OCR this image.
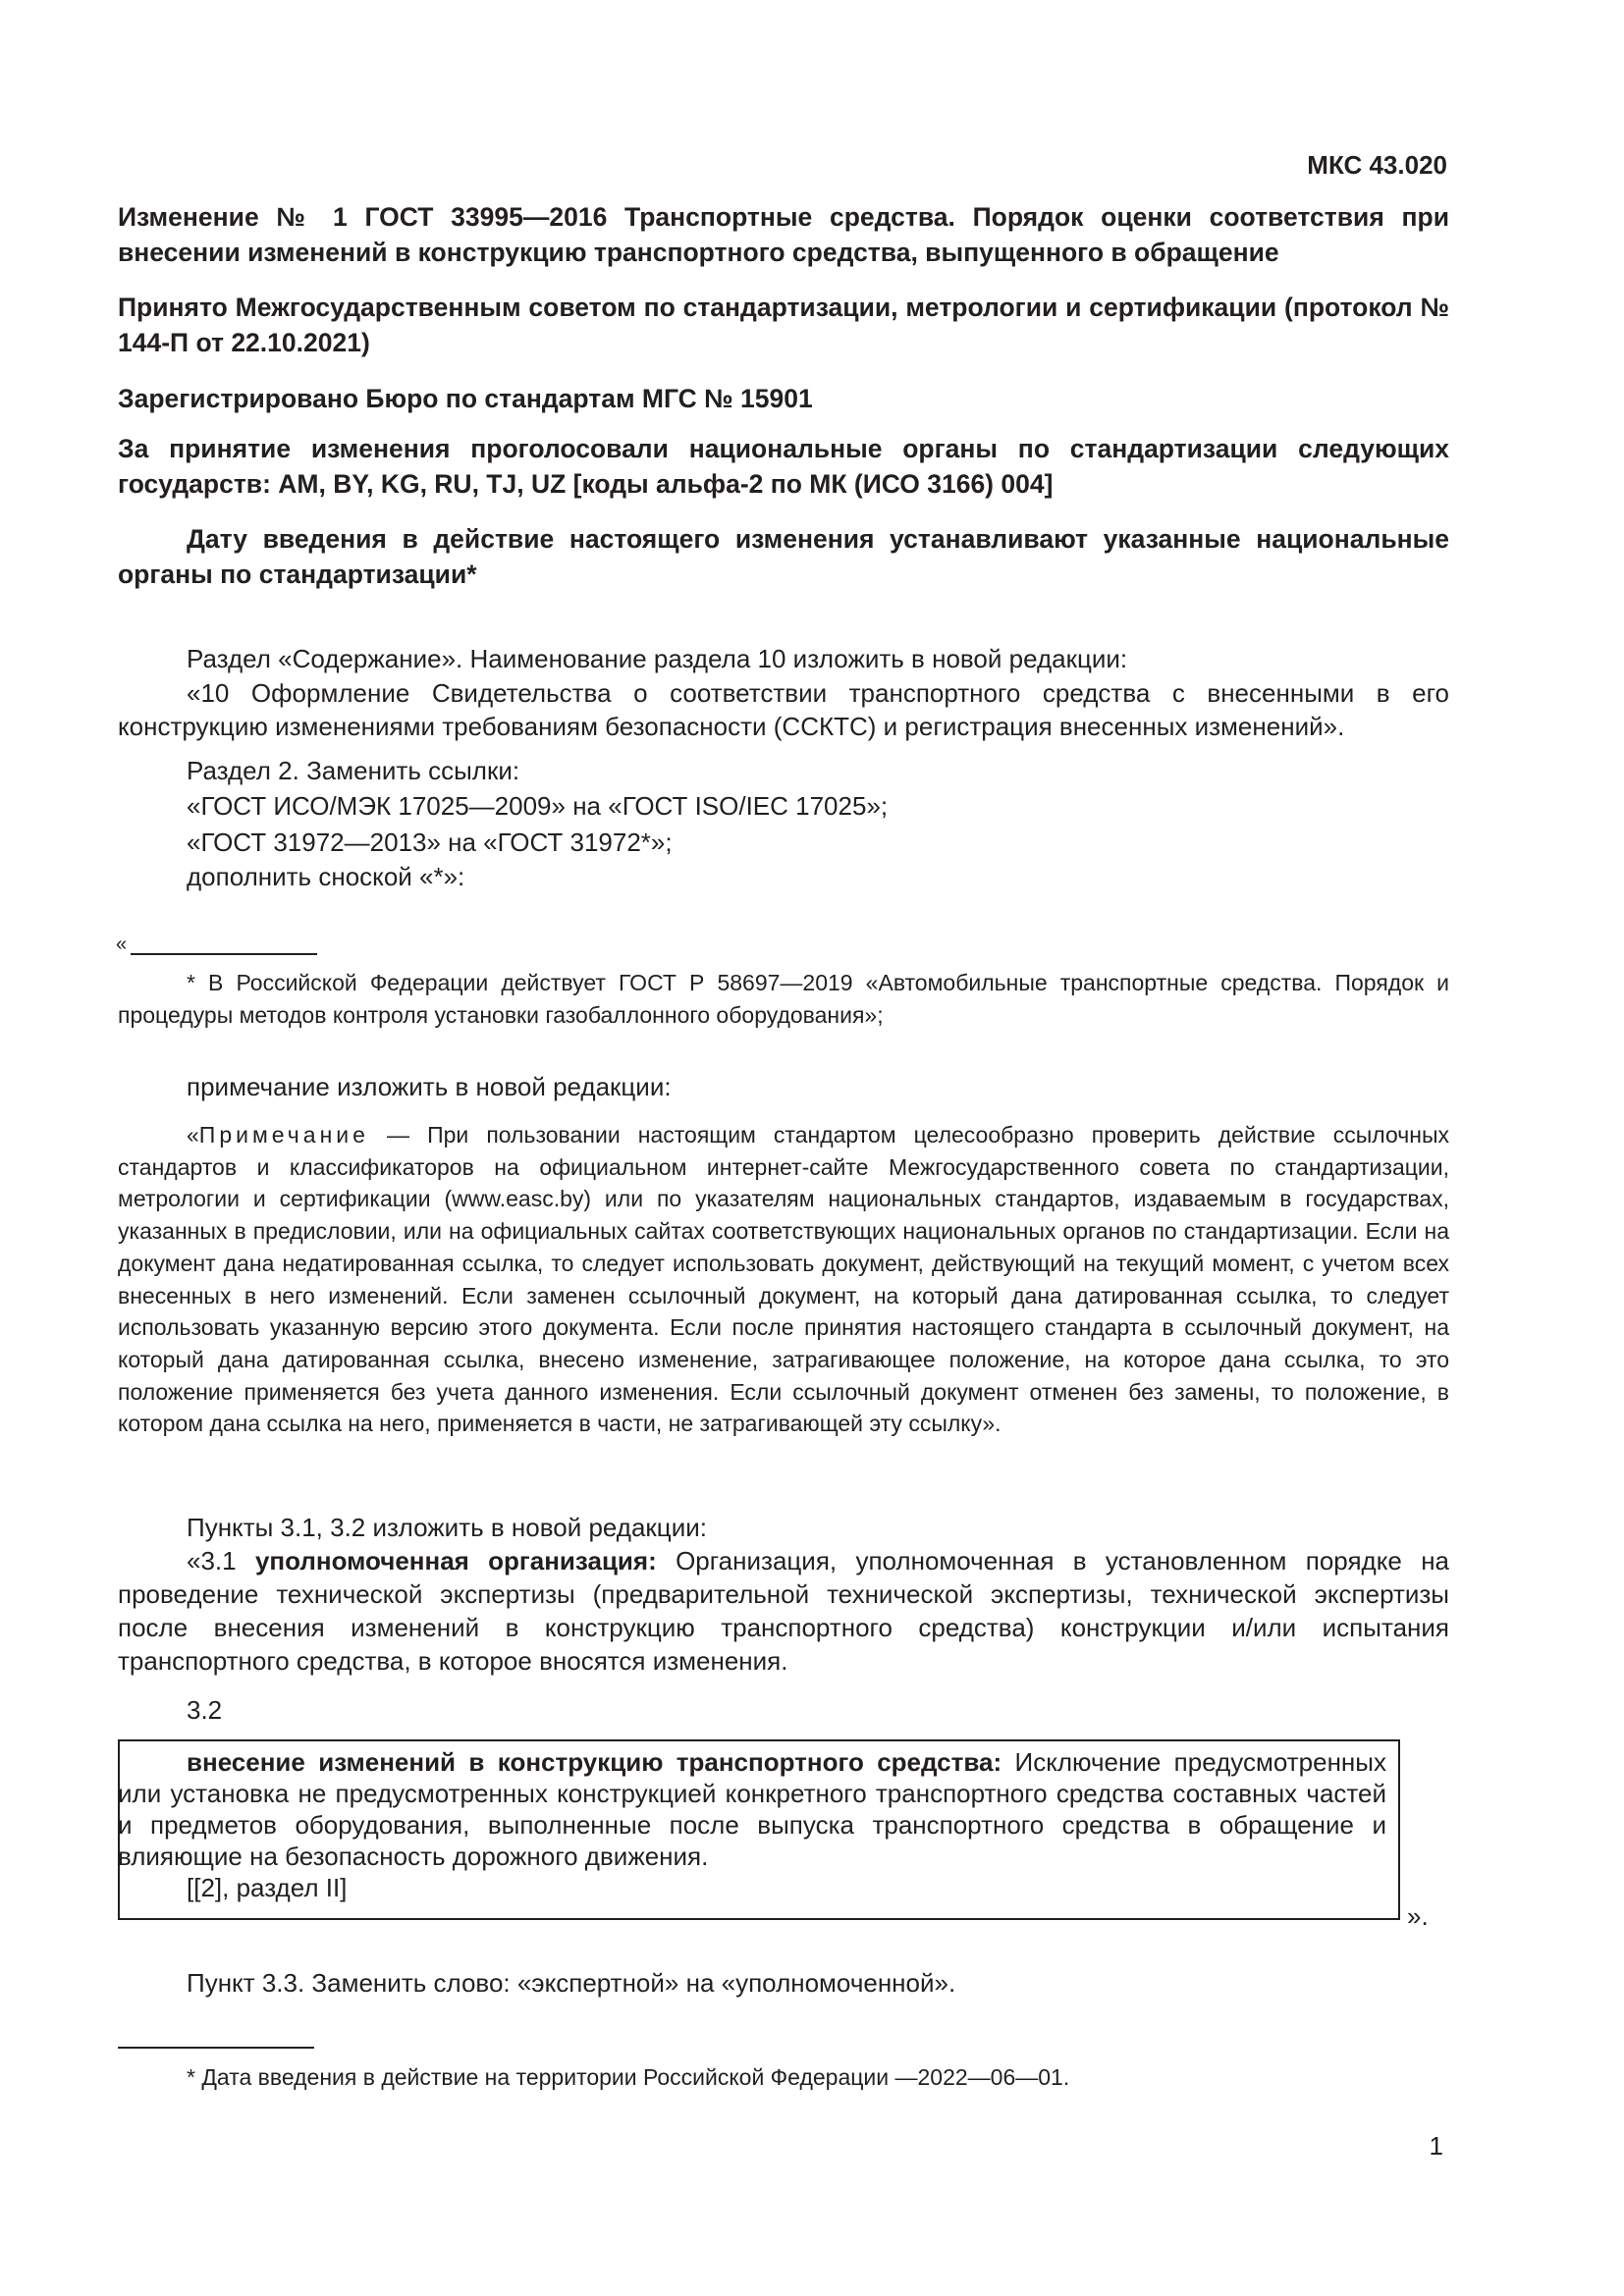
МКС 43.020
Изменение № 1 ГОСТ 33995—2016 Транспортные средства. Порядок оценки соответствия при внесении изменений в конструкцию транспортного средства, выпущенного в обращение
Принято Межгосударственным советом по стандартизации, метрологии и сертификации (протокол № 144-П от 22.10.2021)
Зарегистрировано Бюро по стандартам МГС № 15901
За принятие изменения проголосовали национальные органы по стандартизации следующих государств: AM, BY, KG, RU, TJ, UZ [коды альфа-2 по МК (ИСО 3166) 004]
Дату введения в действие настоящего изменения устанавливают указанные национальные органы по стандартизации*
Раздел «Содержание». Наименование раздела 10 изложить в новой редакции:
«10 Оформление Свидетельства о соответствии транспортного средства с внесенными в его конструкцию изменениями требованиям безопасности (СCКТС) и регистрация внесенных изменений».
Раздел 2. Заменить ссылки:
«ГОСТ ИСО/МЭК 17025—2009» на «ГОСТ ISO/IEC 17025»;
«ГОСТ 31972—2013» на «ГОСТ 31972*»;
дополнить сноской «*»:
«
* В Российской Федерации действует ГОСТ Р 58697—2019 «Автомобильные транспортные средства. Порядок и процедуры методов контроля установки газобаллонного оборудования»;
примечание изложить в новой редакции:
«Примечание — При пользовании настоящим стандартом целесообразно проверить действие ссылочных стандартов и классификаторов на официальном интернет-сайте Межгосударственного совета по стандартизации, метрологии и сертификации (www.easc.by) или по указателям национальных стандартов, издаваемым в государствах, указанных в предисловии, или на официальных сайтах соответствующих национальных органов по стандартизации. Если на документ дана недатированная ссылка, то следует использовать документ, действующий на текущий момент, с учетом всех внесенных в него изменений. Если заменен ссылочный документ, на который дана датированная ссылка, то следует использовать указанную версию этого документа. Если после принятия настоящего стандарта в ссылочный документ, на который дана датированная ссылка, внесено изменение, затрагивающее положение, на которое дана ссылка, то это положение применяется без учета данного изменения. Если ссылочный документ отменен без замены, то положение, в котором дана ссылка на него, применяется в части, не затрагивающей эту ссылку».
Пункты 3.1, 3.2 изложить в новой редакции:
«3.1 уполномоченная организация: Организация, уполномоченная в установленном порядке на проведение технической экспертизы (предварительной технической экспертизы, технической экспертизы после внесения изменений в конструкцию транспортного средства) конструкции и/или испытания транспортного средства, в которое вносятся изменения.
3.2
внесение изменений в конструкцию транспортного средства: Исключение предусмотренных или установка не предусмотренных конструкцией конкретного транспортного средства составных частей и предметов оборудования, выполненные после выпуска транспортного средства в обращение и влияющие на безопасность дорожного движения.
[[2], раздел II]
».
Пункт 3.3. Заменить слово: «экспертной» на «уполномоченной».
* Дата введения в действие на территории Российской Федерации —2022—06—01.
1
